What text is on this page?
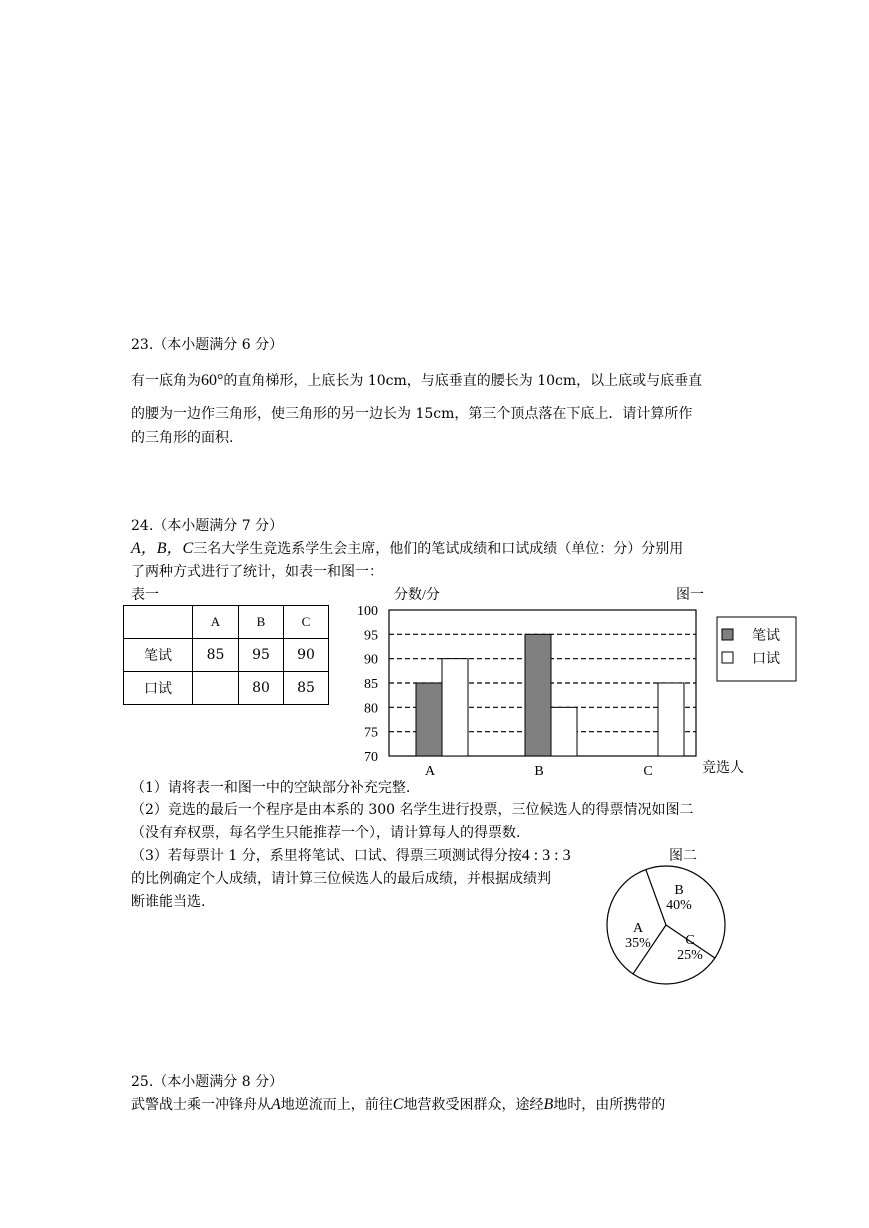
23.（本小题满分 6 分）
有一底角为60°的直角梯形，上底长为 10cm，与底垂直的腰长为 10cm，以上底或与底垂直
的腰为一边作三角形，使三角形的另一边长为 15cm，第三个顶点落在下底上．请计算所作
的三角形的面积.
24.（本小题满分 7 分）
A，B，C三名大学生竞选系学生会主席，他们的笔试成绩和口试成绩（单位：分）分别用
了两种方式进行了统计，如表一和图一：
表一
	A	B	C
笔试	85	95	90
口试		80	85
分数/分	图一
100
95
90
85
80
75
70
A	B	C	竞选人
笔试
口试
图二
B
40%
C
25%
A
35%
（1）请将表一和图一中的空缺部分补充完整.
（2）竞选的最后一个程序是由本系的 300 名学生进行投票，三位候选人的得票情况如图二
（没有弃权票，每名学生只能推荐一个），请计算每人的得票数.
（3）若每票计 1 分，系里将笔试、口试、得票三项测试得分按4 : 3 : 3
的比例确定个人成绩，请计算三位候选人的最后成绩，并根据成绩判
断谁能当选.
25.（本小题满分 8 分）
武警战士乘一冲锋舟从A地逆流而上，前往C地营救受困群众，途经B地时，由所携带的
